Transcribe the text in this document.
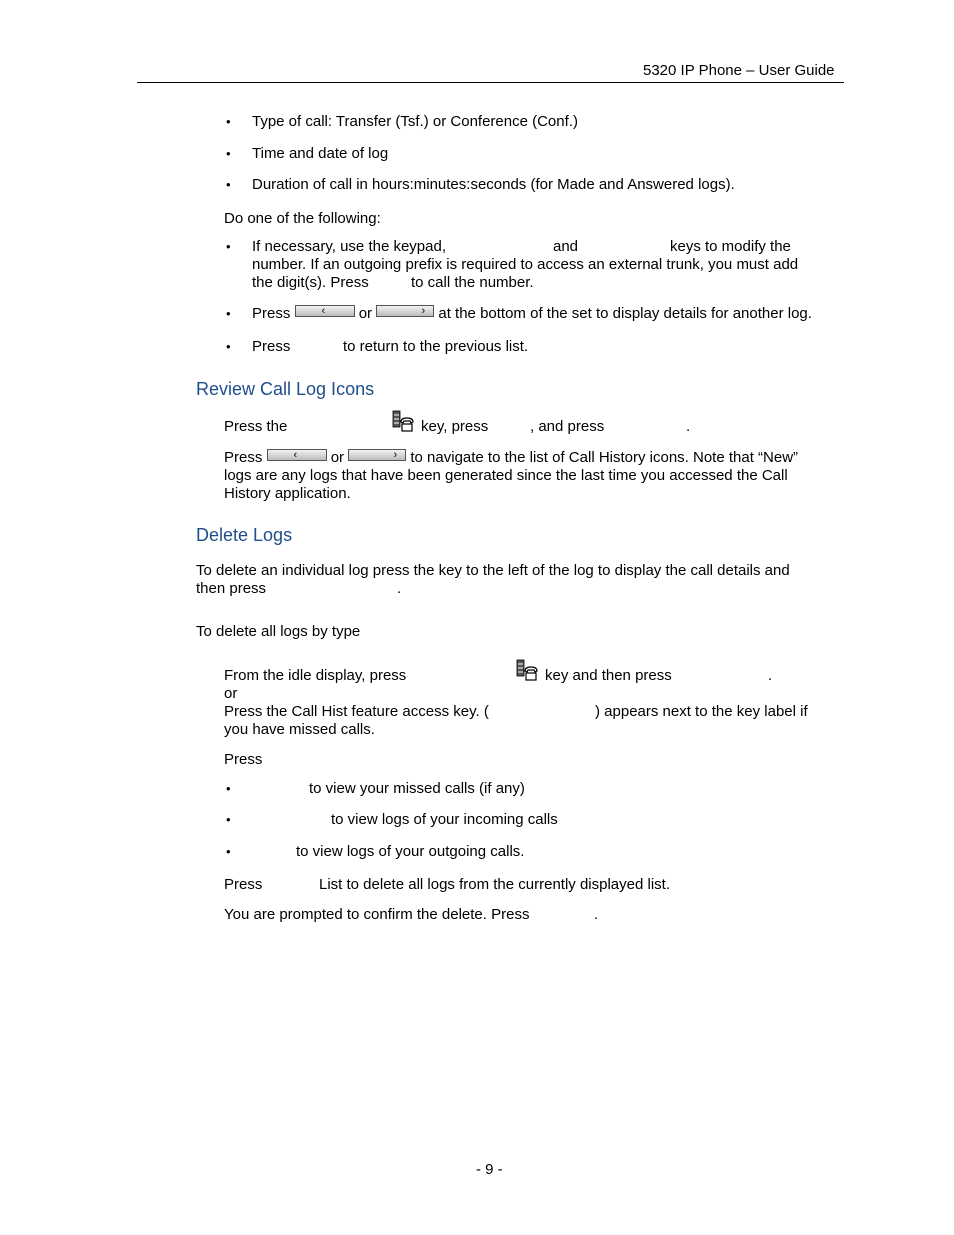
5320 IP Phone – User Guide
• Type of call: Transfer (Tsf.) or Conference (Conf.)
• Time and date of log
• Duration of call in hours:minutes:seconds (for Made and Answered logs).
Do one of the following:
• If necessary, use the keypad,	and	keys to modify the
number. If an outgoing prefix is required to access an external trunk, you must add
the digit(s). Press	to call the number.
• Press	‹ or	› at the bottom of the set to display details for another log.
• Press	to return to the previous list.
Review Call Log Icons
Press the	key, press	, and press	.
Press	‹ or	› to navigate to the list of Call History icons. Note that “New”
logs are any logs that have been generated since the last time you accessed the Call
History application.
Delete Logs
To delete an individual log press the key to the left of the log to display the call details and
then press	.
To delete all logs by type
From the idle display, press	key and then press	.
or
Press the Call Hist feature access key. (	) appears next to the key label if
you have missed calls.
Press
•	to view your missed calls (if any)
•	to view logs of your incoming calls
•	to view logs of your outgoing calls.
Press	List to delete all logs from the currently displayed list.
You are prompted to confirm the delete. Press	.
- 9 -
